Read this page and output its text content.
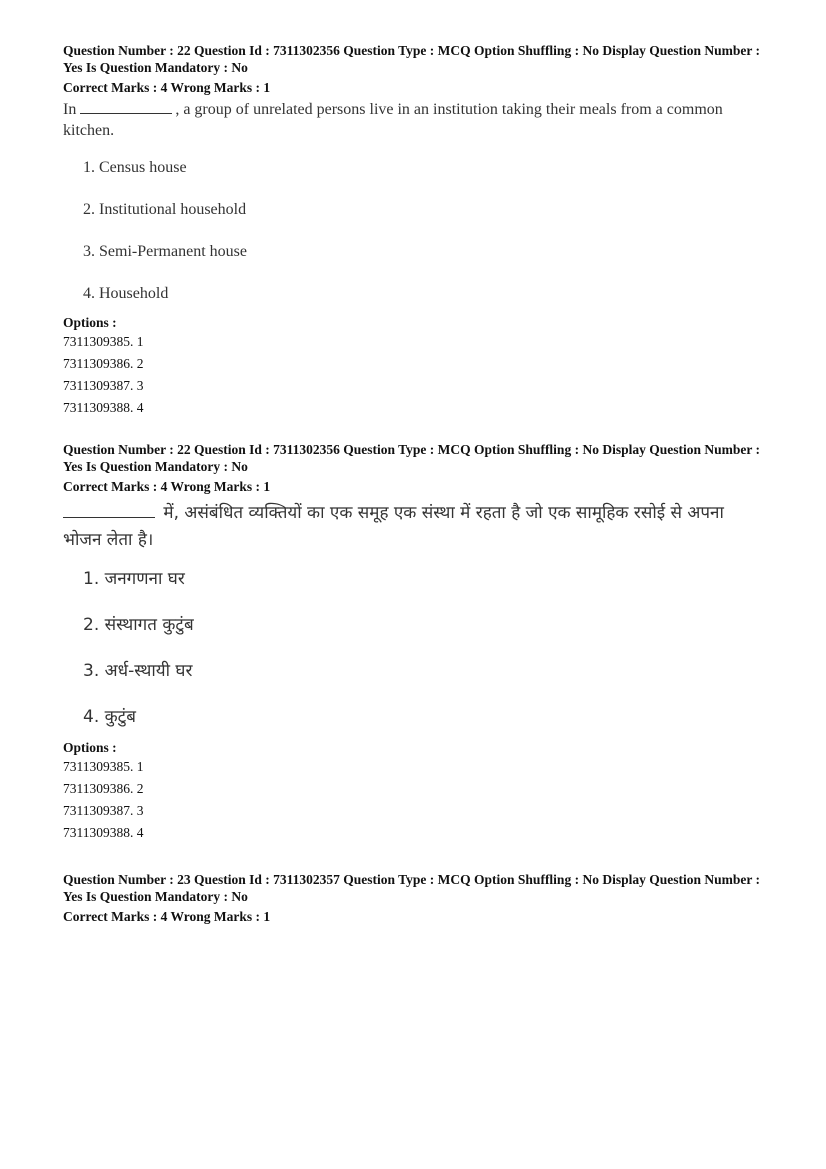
Question Number : 22 Question Id : 7311302356 Question Type : MCQ Option Shuffling : No Display Question Number : Yes Is Question Mandatory : No

Correct Marks : 4 Wrong Marks : 1

In	, a group of unrelated persons live in an institution taking their meals from a common kitchen.

1. Census house
2. Institutional household
3. Semi-Permanent house
4. Household

Options :

7311309385. 1

7311309386. 2

7311309387. 3

7311309388. 4

Question Number : 22 Question Id : 7311302356 Question Type : MCQ Option Shuffling : No Display Question Number : Yes Is Question Mandatory : No

Correct Marks : 4 Wrong Marks : 1

में, असंबंधित व्यक्तियों का एक समूह एक संस्था में रहता है जो एक सामूहिक रसोई से अपना भोजन लेता है।

1. जनगणना घर
2. संस्थागत कुटुंब
3. अर्ध-स्थायी घर
4. कुटुंब

Options :

7311309385. 1

7311309386. 2

7311309387. 3

7311309388. 4

Question Number : 23 Question Id : 7311302357 Question Type : MCQ Option Shuffling : No Display Question Number : Yes Is Question Mandatory : No

Correct Marks : 4 Wrong Marks : 1
